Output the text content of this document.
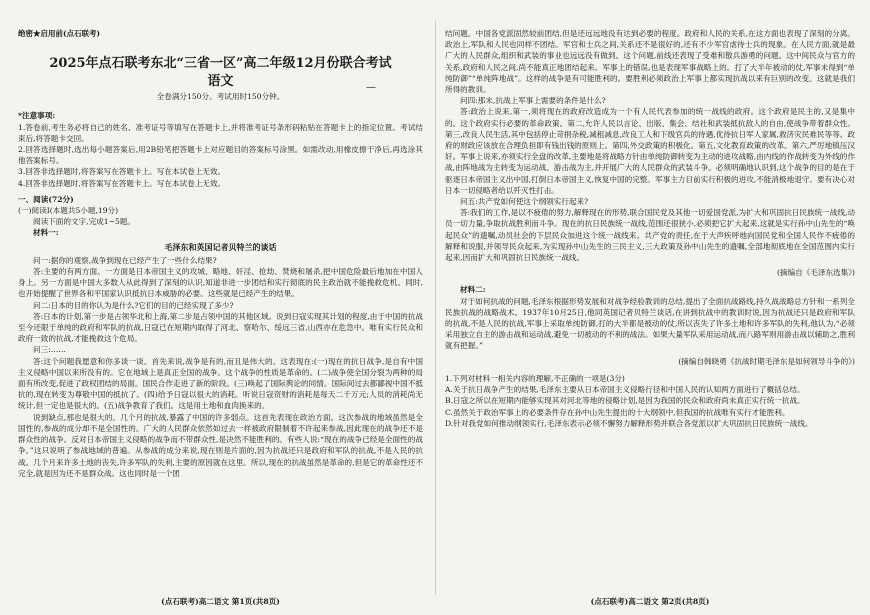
绝密★启用前(点石联考)
2025年点石联考东北“三省一区”高二年级12月份联合考试
语文
全卷满分150分。考试用时150分钟。
*注意事项:

1.答卷前,考生务必将自己的姓名、准考证号等填写在答题卡上,并将准考证号条形码粘贴在答题卡上的指定位置。考试结束后,将答题卡交回。

2.回答选择题时,选出每小题答案后,用2B铅笔把答题卡上对应题目的答案标号涂黑。如需改动,用橡皮擦干净后,再选涂其他答案标号。

3.回答非选择题时,将答案写在答题卡上。写在本试卷上无效。

4.回答非选择题时,将答案写在答题卡上。写在本试卷上无效。

一、阅读(72分)

(一)阅读Ⅰ(本题共5小题,19分)

阅读下面的文字,完成1~5题。

材料一:

毛泽东和英国记者贝特兰的谈话

问一:据你的观察,战争到现在已经产生了一些什么结果?

答:主要的有两方面。一方面是日本帝国主义的攻城、略地、奸淫、抢劫、焚烧和屠杀,把中国危险最后地加在中国人身上。另一方面是中国大多数人从此得到了深刻的认识,知道非进一步团结和实行彻底的民主政治就不能挽救危机。同时,也开始提醒了世界各和平国家认识抵抗日本威胁的必要。这些就是已经产生的结果。

问二:日本的目的你认为是什么?它们的目的已经实现了多少?

答:日本的计划,第一步是占领华北和上海,第二步是占领中国的其他区域。说到日寇实现其计划的程度,由于中国的抗战至今还限于单纯的政府和军队的抗战,日寇已在短期内取得了河北、察哈尔、绥远三省,山西亦在危急中。唯有实行民众和政府一致的抗战,才能挽救这个危局。

问三:……

答:这个问题我愿意和你多谈一谈。首先来说,战争是有的,而且是伟大的。这表现在:(一)现在的抗日战争,是自有中国主义侵略中国以来所没有的。它在地域上是真正全国的战争。这个战争的性质是革命的。(二)战争使全国分裂为两种的局面有所改变,促进了政权团结的局面。国民合作走进了新的阶段。(三)唤起了国际舆论的同情。国际间过去都鄙视中国不抵抗的,现在转变为尊敬中国的抵抗了。(四)给予日寇以很大的消耗。听说日寇资财的消耗是每天二千万元;人员的消耗尚无统计,但一定也是很大的。(五)战争教育了我们。这是用土地和血肉换来的。

说到缺点,那也是很大的。几个月的抗战,暴露了中国的许多弱点。这首先表现在政治方面。这次参战的地域虽然是全国性的,参战的成分却不是全国性的。广大的人民群众依然如过去一样被政府限制着不许起来参战,因此现在的战争还不是群众性的战争。反对日本帝国主义侵略的战争而不带群众性,是决然不能胜利的。有些人说:“现在的战争已经是全面性的战争。”这只说明了参战地域的普遍。从参战的成分来说,现在则是片面的,因为抗战还只是政府和军队的抗战,不是人民的抗战。几个月来许多土地的丧失,许多军队的失利,主要的原因就在这里。所以,现在的抗战虽然是革命的,但是它的革命性还不完全,就是因为还不是群众战。这也同时是一个团

—

结问题。中国各党派固然较前团结,但是还远远地没有达到必要的程度。政府和人民的关系,在这方面也表现了深刻的分离。政治上,军队和人民也同样不团结。军官和士兵之间,关系还不是很好的,还有不少军官虐待士兵的现象。在人民方面,就是最广大的人民群众,组织和武装的事业也远远没有做到。这个问题,前线还表现了受难和散兵游勇的问题。这中间民众与官方的关系,政府和人民之间,尚不能真正地团结起来。军事上的错误,也是表现军事战略上的。打了大半年被动的仗,军事未得到“单纯防御”“单纯阵地战”。这样的战争是有可能胜利的。要胜利必须政治上军事上都实现抗战以来有巨别的改变。这就是我们所得的教训。

问四:那末,抗战上军事上需要的条件是什么?

答:政治上说来,第一,须将现在的政府改造成为一个有人民代表参加的统一战线的政府。这个政府是民主的,又是集中的。这个政府实行必要的革命政策。第二,允许人民以言论、出版、集会、结社和武装抵抗敌人的自由,使战争带着群众性。第三,改良人民生活,其中包括停止苛捐杂税,减租减息,改良工人和下级官兵的待遇,优待抗日军人家属,救济灾民难民等等。政府的财政应该放在合理负担即有钱出钱的原则上。第四,外交政策的积极化。第五,文化教育政策的改革。第六,严厉地镇压汉奸。军事上说来,亦须实行全盘的改革,主要地是将战略方针由单纯防御转变为主动的进攻战略,由内线的作战转变为外线的作战,由阵地战为主转变为运动战、游击战为主,并开展广大的人民群众的武装斗争。必须明确地认识到,这个战争的目的是在于驱逐日本帝国主义出中国,打倒日本帝国主义,恢复中国的完整。军事主力目前实行积极的进攻,不能消极地退守。要有决心对日本一切侵略者给以歼灭性打击。

问五:共产党如何使这个纲领实行起来?

答:我们的工作,是以不疲倦的努力,解释现在的形势,联合国民党及其他一切爱国党派,为扩大和巩固抗日民族统一战线,动员一切力量,争取抗战胜利而斗争。现在的抗日民族统一战线,范围还很狭小,必须把它扩大起来,这就是实行孙中山先生的“唤起民众”的遗嘱,动员社会的下层民众加进这个统一战线来。共产党的责任,在于大声疾呼地向国民党和全国人民作不疲倦的解释和说服,并领导民众起来,为实现孙中山先生的三民主义,三大政策及孙中山先生的遗嘱,全部地彻底地在全国范围内实行起来,因而扩大和巩固抗日民族统一战线。

(摘编自《毛泽东选集》)

材料二:

对于如何抗战的问题,毛泽东根据形势发展和对战争经验教训的总结,提出了全面抗战路线,持久战战略总方针和一系列全民族抗战的战略战术。1937年10月25日,他同英国记者贝特兰谈话,在讲到抗战中的教训时说,因为抗战还只是政府和军队的抗战,不是人民的抗战,军事上采取单纯防御,打的大半都是被动的仗,所以丧失了许多土地和许多军队的失利,他认为,“必须采用独立自主的游击战和运动战,避免一切被动的不利的战法。如果大量军队采用运动战,而八路军则用游击战以辅助之,胜利就有把握。”

(摘编自韩晓勇《抗战时期毛泽东是如何领导斗争的》)

1.下列对材料一相关内容的理解,不正确的一项是(3分)

A.关于抗日战争产生的结果,毛泽东主要从日本帝国主义侵略行径和中国人民的认知两方面进行了概括总结。

B.日寇之所以在短期内能够实现其对河北等地的侵略计划,是因为我国的民众和政府尚未真正实行统一抗战。

C.虽然关于政治军事上的必要条件存在孙中山先生提出的十大纲领中,但我国的抗战唯有实行才能胜利。

D.针对我党如何推动纲领实行,毛泽东表示必须不懈努力解释形势并联合各党派以扩大巩固抗日民族统一战线。

(点石联考)高二语文 第1页(共8页)	(点石联考)高二语文 第2页(共8页)
